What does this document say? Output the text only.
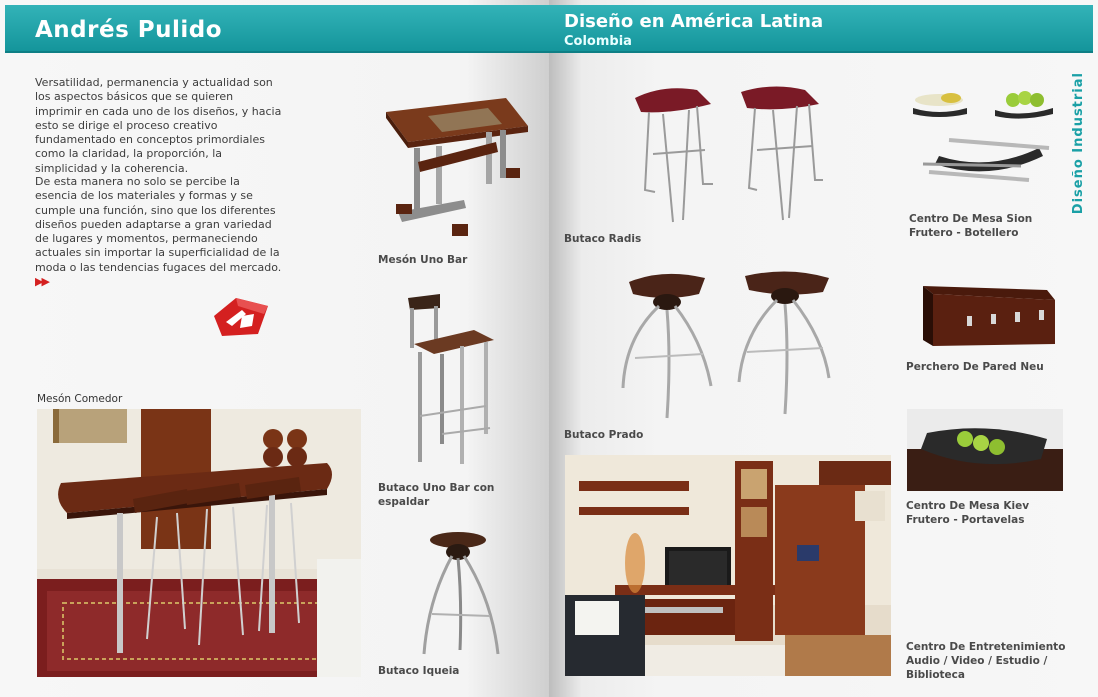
Andrés Pulido
Versatilidad, permanencia y actualidad son los aspectos básicos que se quieren imprimir en cada uno de los diseños, y hacia esto se dirige el proceso creativo fundamentado en conceptos primordiales como la claridad, la proporción, la simplicidad y la coherencia.
De esta manera no solo se percibe la esencia de los materiales y formas y se cumple una función, sino que los diferentes diseños pueden adaptarse a gran variedad de lugares y momentos, permaneciendo actuales sin importar la superficialidad de la moda o las tendencias fugaces del mercado.
▶▶
Mesón Uno Bar
Butaco Uno Bar con espaldar
Butaco Iqueia
Mesón Comedor
Diseño en América Latina
Colombia
Diseño Industrial
Butaco Radis
Butaco Prado
Centro De Mesa Sion
Frutero - Botellero
Perchero De Pared Neu
Centro De Mesa Kiev
Frutero - Portavelas
Centro De Entretenimiento
Audio / Video / Estudio /
Biblioteca
